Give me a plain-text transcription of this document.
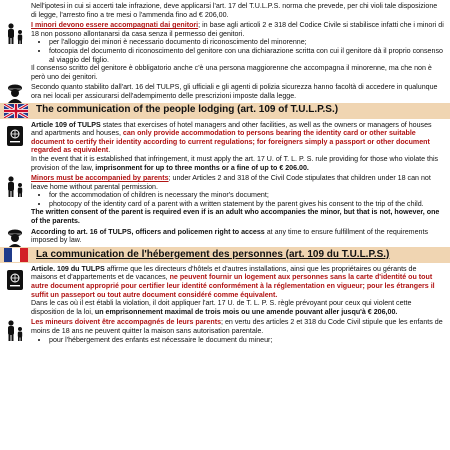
Nell'ipotesi in cui si accerti tale infrazione, deve applicarsi l'art. 17 del T.U.L.P.S. norma che prevede, per chi violi tale disposizione di legge, l'arresto fino a tre mesi o l'ammenda fino ad € 206,00.

I minori devono essere accompagnati dai genitori; in base agli articoli 2 e 318 del Codice Civile si stabilisce infatti che i minori di 18 non possono allontanarsi da casa senza il permesso dei genitori.

• per l'alloggio dei minori è necessario documento di riconoscimento del minorenne;
• fotocopia del documento di riconoscimento del genitore con una dichiarazione scritta con cui il genitore dà il proprio consenso al viaggio del figlio.

Il consenso scritto del genitore è obbligatorio anche c'è una persona maggiorenne che accompagna il minorenne, ma che non è però uno dei genitori.

Secondo quanto stabilito dall'art. 16 del TULPS, gli ufficiali e gli agenti di polizia sicurezza hanno facoltà di accedere in qualunque ora nei locali per assicurarsi dell'adempimento delle prescrizioni imposte dalla legge.

The communication of the people lodging (art. 109 of T.U.L.P.S.)

Article 109 of TULPS states that exercises of hotel managers and other facilities, as well as the owners or managers of houses and apartments and houses, can only provide accommodation to persons bearing the identity card or other suitable document to certify their identity according to current regulations; for foreigners simply a passport or other document regarded as equivalent.

In the event that it is established that infringement, it must apply the art. 17 U. of T. L. P. S. rule providing for those who violate this provision of the law, imprisonment for up to three months or a fine of up to € 206.00.

Minors must be accompanied by parents; under Articles 2 and 318 of the Civil Code stipulates that children under 18 can not leave home without parental permission.

• for the accommodation of children is necessary the minor's document;
• photocopy of the identity card of a parent with a written statement by the parent gives his consent to the trip of the child.

The written consent of the parent is required even if is an adult who accompanies the minor, but that is not, however, one of the parents.

According to art. 16 of TULPS, officers and policemen right to access at any time to ensure fulfillment of the requirements imposed by law.

La communication de l'hébergement des personnes (art. 109 du T.U.L.P.S.)

Article. 109 du TULPS affirme que les directeurs d'hôtels et d'autres installations, ainsi que les propriétaires ou gérants de maisons et d'appartements et de vacances, ne peuvent fournir un logement aux personnes sans la carte d'identité ou tout autre document approprié pour certifier leur identité conformément à la réglementation en vigueur; pour les étrangers il suffit un passeport ou tout autre document considéré comme équivalent.

Dans le cas où il est établi la violation, il doit appliquer l'art. 17 U. de T. L. P. S. règle prévoyant pour ceux qui violent cette disposition de la loi, un emprisonnement maximal de trois mois ou une amende pouvant aller jusqu'à € 206,00.

Les mineurs doivent être accompagnés de leurs parents; en vertu des articles 2 et 318 du Code Civil stipule que les enfants de moins de 18 ans ne peuvent quitter la maison sans autorisation parentale.

• pour l'hébergement des enfants est nécessaire le document du mineur;
